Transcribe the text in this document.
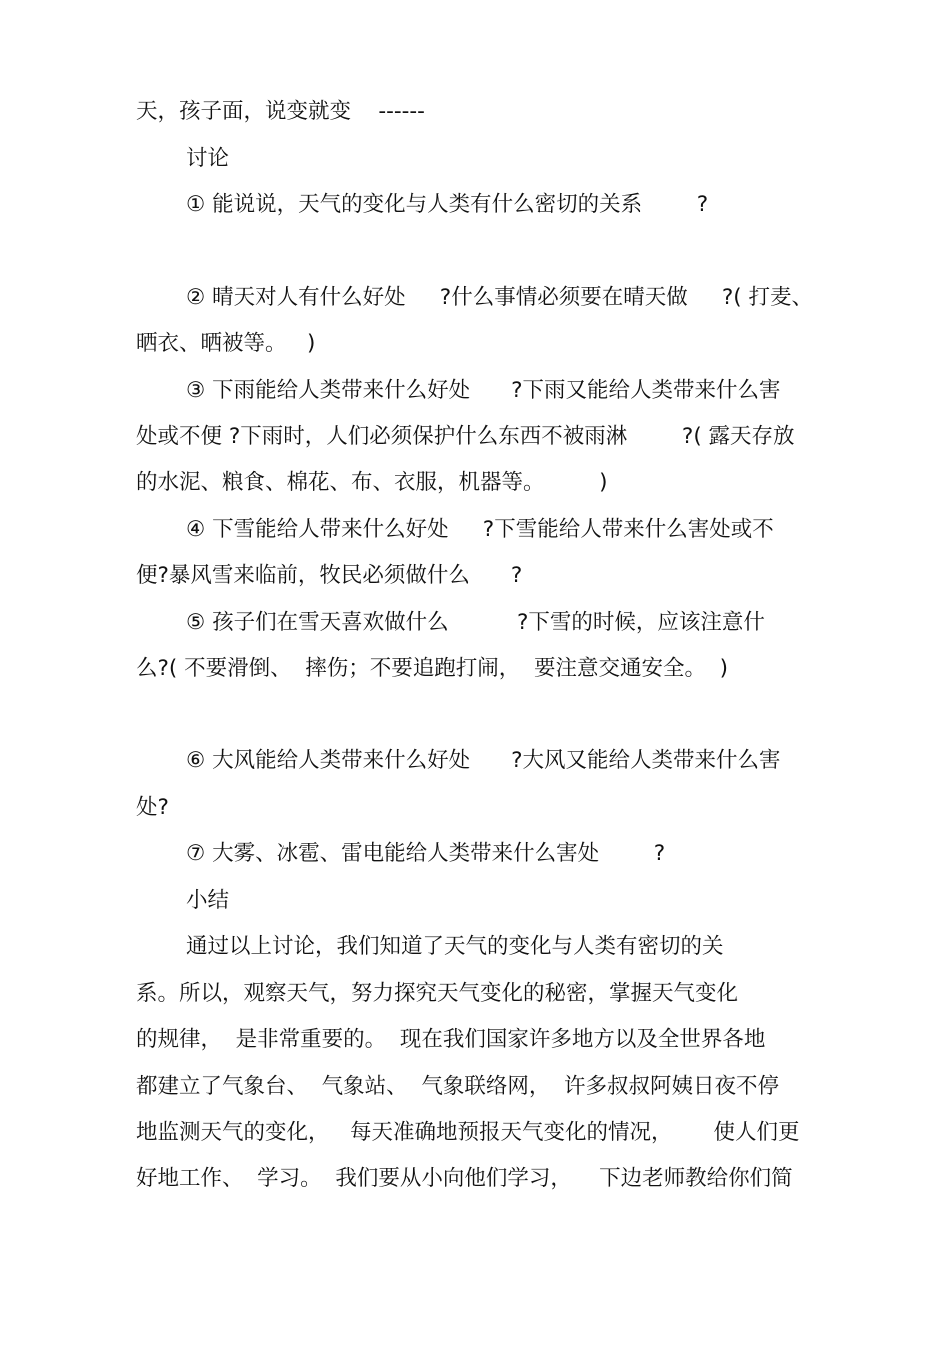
天，孩子面，说变就变    ------
讨论
① 能说说，天气的变化与人类有什么密切的关系        ?
② 晴天对人有什么好处     ?什么事情必须要在晴天做     ?( 打麦、
晒衣、晒被等。   )
③ 下雨能给人类带来什么好处      ?下雨又能给人类带来什么害
处或不便 ?下雨时，人们必须保护什么东西不被雨淋        ?( 露天存放
的水泥、粮食、棉花、布、衣服，机器等。        )
④ 下雪能给人带来什么好处     ?下雪能给人带来什么害处或不
便?暴风雪来临前，牧民必须做什么      ?
⑤ 孩子们在雪天喜欢做什么          ?下雪的时候，应该注意什
么?( 不要滑倒、  摔伤；不要追跑打闹，  要注意交通安全。  )
⑥ 大风能给人类带来什么好处      ?大风又能给人类带来什么害
处?
⑦ 大雾、冰雹、雷电能给人类带来什么害处        ?
小结
通过以上讨论，我们知道了天气的变化与人类有密切的关
系。所以，观察天气，努力探究天气变化的秘密，掌握天气变化
的规律，  是非常重要的。  现在我们国家许多地方以及全世界各地
都建立了气象台、  气象站、  气象联络网，  许多叔叔阿姨日夜不停
地监测天气的变化，   每天准确地预报天气变化的情况，      使人们更
好地工作、  学习。  我们要从小向他们学习，    下边老师教给你们简
